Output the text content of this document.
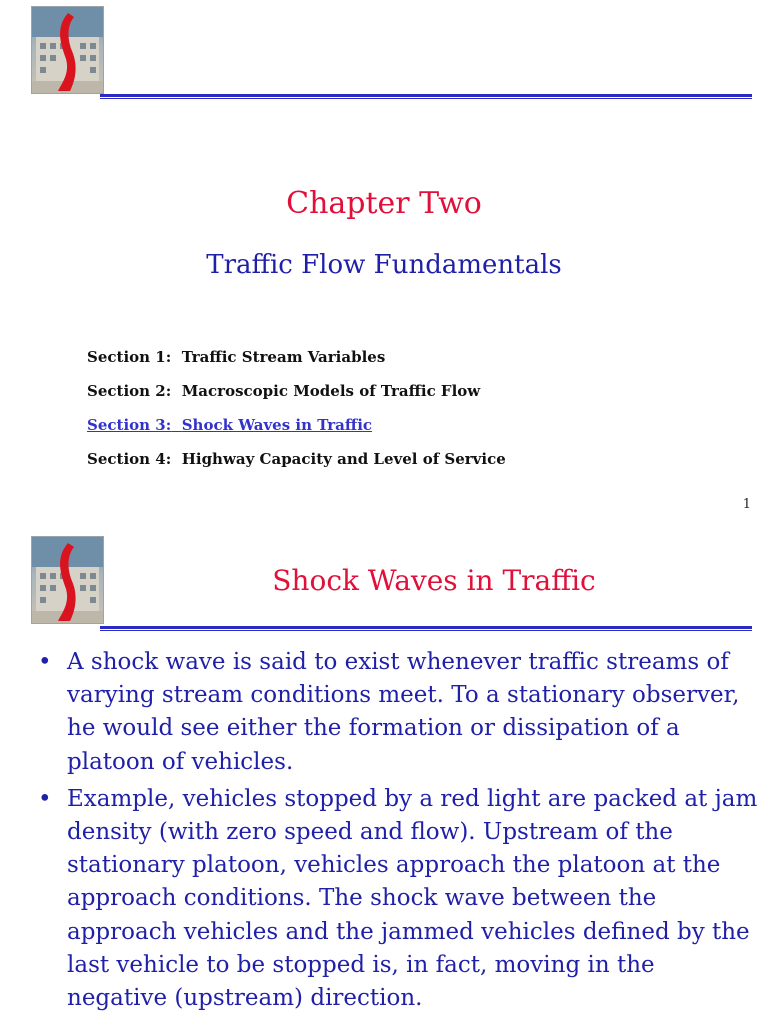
Chapter Two
Traffic Flow Fundamentals
Section 1: Traffic Stream Variables
Section 2: Macroscopic Models of Traffic Flow
Section 3: Shock Waves in Traffic
Section 4: Highway Capacity and Level of Service
1
Shock Waves in Traffic
• A shock wave is said to exist whenever traffic streams of varying stream conditions meet. To a stationary observer, he would see either the formation or dissipation of a platoon of vehicles.
• Example, vehicles stopped by a red light are packed at jam density (with zero speed and flow). Upstream of the stationary platoon, vehicles approach the platoon at the approach conditions. The shock wave between the approach vehicles and the jammed vehicles defined by the last vehicle to be stopped is, in fact, moving in the negative (upstream) direction.
